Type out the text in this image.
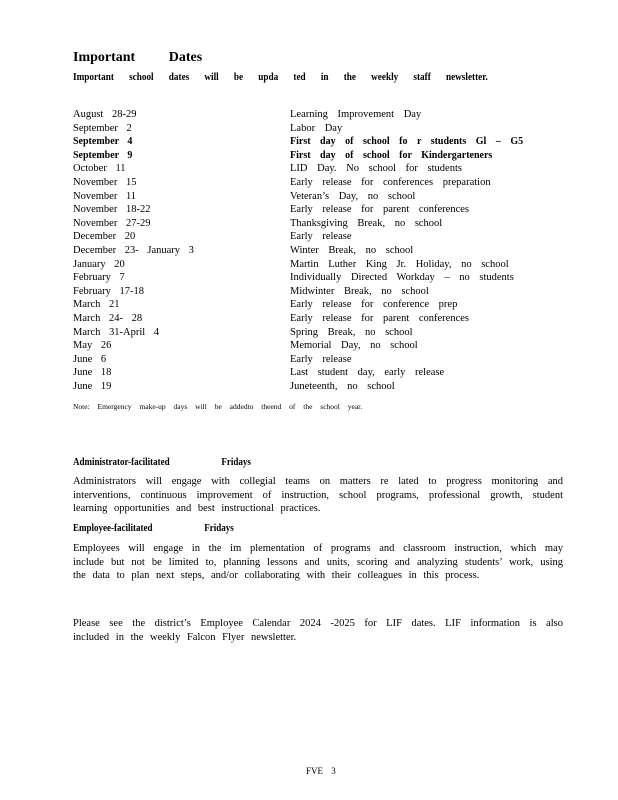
Important Dates
Important school dates will be upda ted in the weekly staff newsletter.
August 28-29	Learning Improvement Day
September 2	Labor Day
September 4	First day of school fo r students Gl – G5
September 9	First day of school for Kindergarteners
October 11	LID Day. No school for students
November 15	Early release for conferences preparation
November 11	Veteran’s Day, no school
November 18-22	Early release for parent conferences
November 27-29	Thanksgiving Break, no school
December 20	Early release
December 23- January 3	Winter Break, no school
January 20	Martin Luther King Jr. Holiday, no school
February 7	Individually Directed Workday – no students
February 17-18	Midwinter Break, no school
March 21	Early release for conference prep
March 24- 28	Early release for parent conferences
March 31-April 4	Spring Break, no school
May 26	Memorial Day, no school
June 6	Early release
June 18	Last student day, early release
June 19	Juneteenth, no school
Note: Emergency make-up days will be addedto theend of the school year.
Administrator-facilitated Fridays
Administrators will engage with collegial teams on matters re lated to progress monitoring and interventions, continuous improvement of instruction, school programs, professional growth, student learning opportunities and best instructional practices.
Employee-facilitated Fridays
Employees will engage in the im plementation of programs and classroom instruction, which may include but not be limited to, planning lessons and units, scoring and analyzing students’ work, using the data to plan next steps, and/or collaborating with their colleagues in this process.
Please see the district’s Employee Calendar 2024 -2025 for LIF dates. LIF information is also included in the weekly Falcon Flyer newsletter.
FVE 3
